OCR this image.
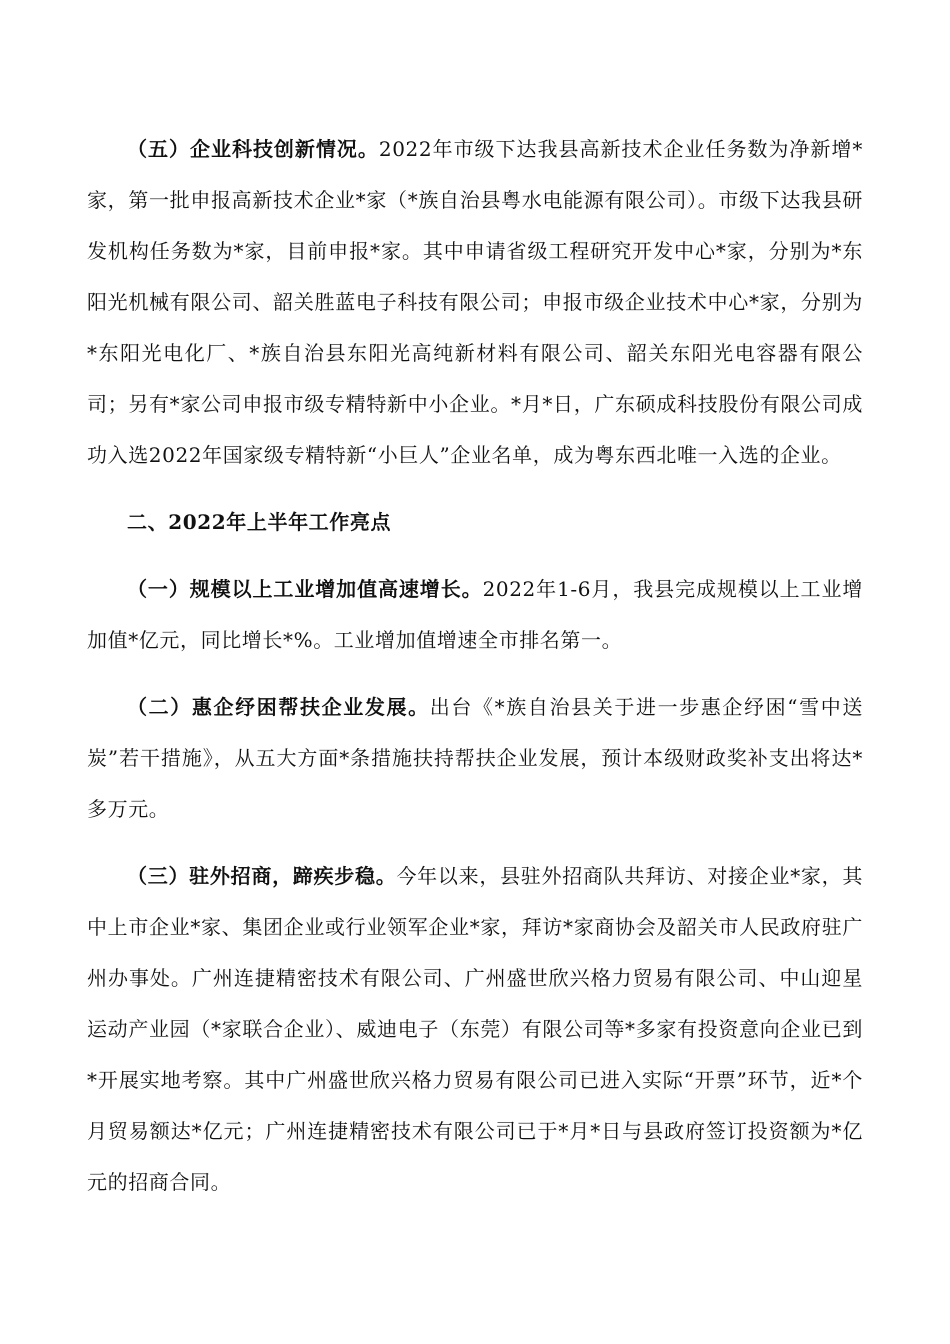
（五）企业科技创新情况。2022年市级下达我县高新技术企业任务数为净新增*家，第一批申报高新技术企业*家（*族自治县粤水电能源有限公司）。市级下达我县研发机构任务数为*家，目前申报*家。其中申请省级工程研究开发中心*家，分别为*东阳光机械有限公司、韶关胜蓝电子科技有限公司；申报市级企业技术中心*家，分别为*东阳光电化厂、*族自治县东阳光高纯新材料有限公司、韶关东阳光电容器有限公司；另有*家公司申报市级专精特新中小企业。*月*日，广东硕成科技股份有限公司成功入选2022年国家级专精特新“小巨人”企业名单，成为粤东西北唯一入选的企业。

二、2022年上半年工作亮点

（一）规模以上工业增加值高速增长。2022年1-6月，我县完成规模以上工业增加值*亿元，同比增长*%。工业增加值增速全市排名第一。

（二）惠企纾困帮扶企业发展。出台《*族自治县关于进一步惠企纾困“雪中送炭”若干措施》，从五大方面*条措施扶持帮扶企业发展，预计本级财政奖补支出将达*多万元。

（三）驻外招商，蹄疾步稳。今年以来，县驻外招商队共拜访、对接企业*家，其中上市企业*家、集团企业或行业领军企业*家，拜访*家商协会及韶关市人民政府驻广州办事处。广州连捷精密技术有限公司、广州盛世欣兴格力贸易有限公司、中山迎星运动产业园（*家联合企业）、威迪电子（东莞）有限公司等*多家有投资意向企业已到*开展实地考察。其中广州盛世欣兴格力贸易有限公司已进入实际“开票”环节，近*个月贸易额达*亿元；广州连捷精密技术有限公司已于*月*日与县政府签订投资额为*亿元的招商合同。
